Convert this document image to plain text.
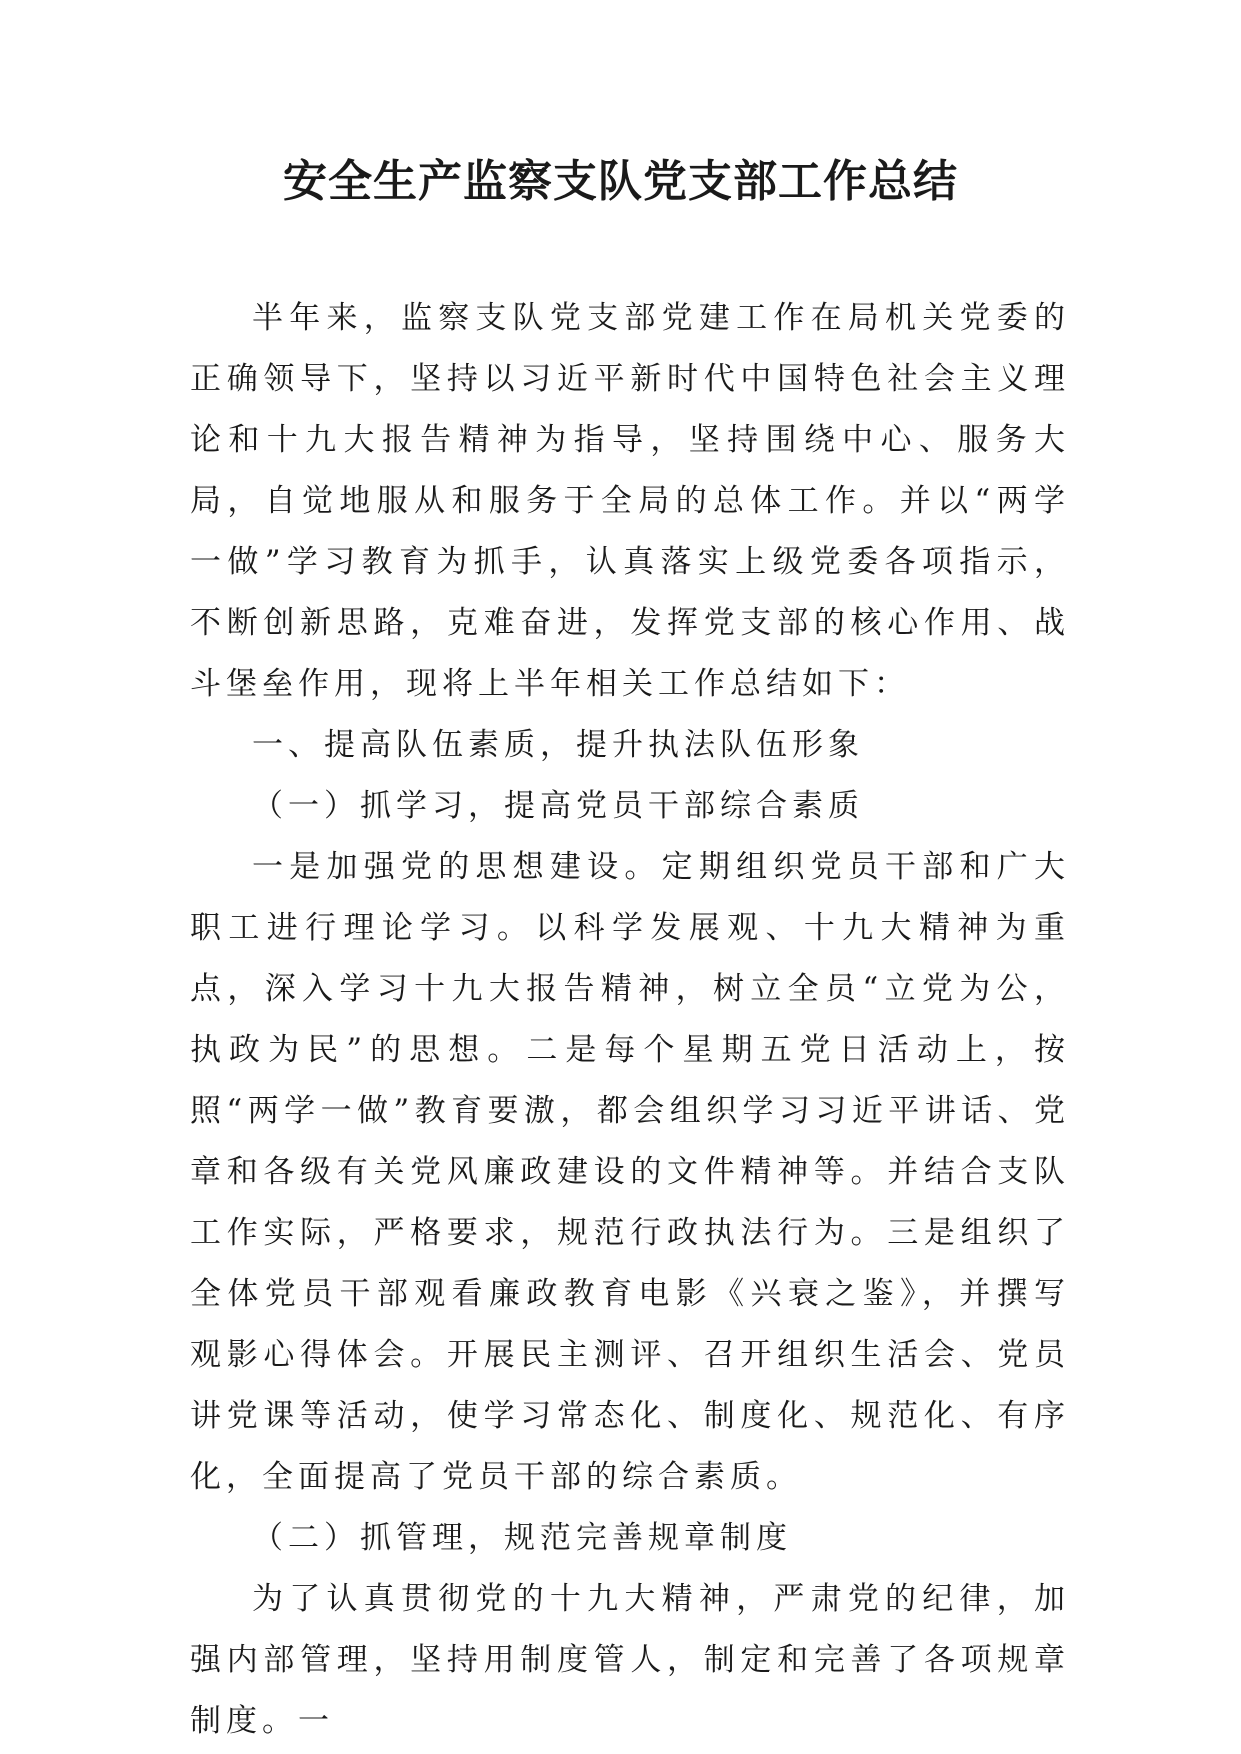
安全生产监察支队党支部工作总结

半年来，监察支队党支部党建工作在局机关党委的正确领导下，坚持以习近平新时代中国特色社会主义理论和十九大报告精神为指导，坚持围绕中心、服务大局，自觉地服从和服务于全局的总体工作。并以“两学一做”学习教育为抓手，认真落实上级党委各项指示，不断创新思路，克难奋进，发挥党支部的核心作用、战斗堡垒作用，现将上半年相关工作总结如下：

一、提高队伍素质，提升执法队伍形象

（一）抓学习，提高党员干部综合素质

一是加强党的思想建设。定期组织党员干部和广大职工进行理论学习。以科学发展观、十九大精神为重点，深入学习十九大报告精神，树立全员“立党为公，执政为民”的思想。二是每个星期五党日活动上，按照“两学一做”教育要滶，都会组织学习习近平讲话、党章和各级有关党风廉政建设的文件精神等。并结合支队工作实际，严格要求，规范行政执法行为。三是组织了全体党员干部观看廉政教育电影《兴衰之鉴》，并撰写观影心得体会。开展民主测评、召开组织生活会、党员讲党课等活动，使学习常态化、制度化、规范化、有序化，全面提高了党员干部的综合素质。

（二）抓管理，规范完善规章制度

为了认真贯彻党的十九大精神，严肃党的纪律，加强内部管理，坚持用制度管人，制定和完善了各项规章制度。一
